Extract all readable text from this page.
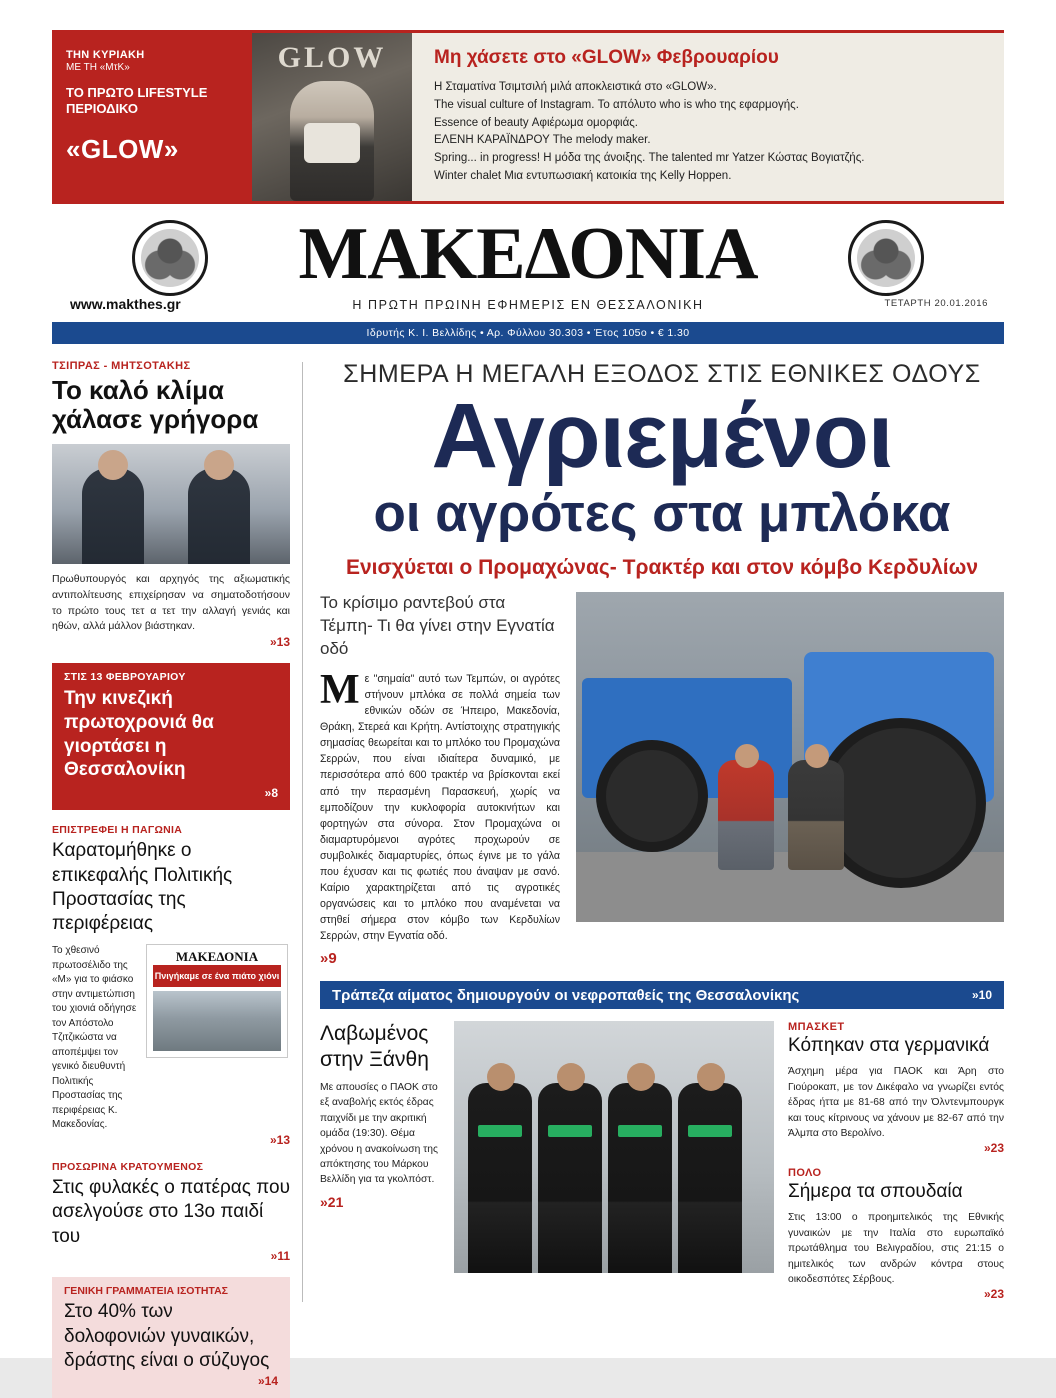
ΤΗΝ ΚΥΡΙΑΚΗ
ΜΕ ΤΗ «ΜτΚ»
ΤΟ ΠΡΩΤΟ LIFESTYLE ΠΕΡΙΟΔΙΚΟ
«GLOW»
GLOW	Μη χάσετε στο «GLOW» Φεβρουαρίου
Η Σταματίνα Τσιμτσιλή μιλά αποκλειστικά στο «GLOW».
The visual culture of Instagram. Το απόλυτο who is who της εφαρμογής.
Essence of beauty Αφιέρωμα ομορφιάς.
ΕΛΕΝΗ ΚΑΡΑΪΝΔΡΟΥ The melody maker.
Spring... in progress! Η μόδα της άνοιξης. The talented mr Yatzer Κώστας Βογιατζής.
Winter chalet Μια εντυπωσιακή κατοικία της Kelly Hoppen.
ΜΑΚΕΔΟΝΙΑ
Η ΠΡΩΤΗ ΠΡΩΙΝΗ ΕΦΗΜΕΡΙΣ ΕΝ ΘΕΣΣΑΛΟΝΙΚΗ
www.makthes.gr	ΤΕΤΑΡΤΗ 20.01.2016
Ιδρυτής Κ. Ι. Βελλίδης • Αρ. Φύλλου 30.303 • Έτος 105ο • € 1.30
ΤΣΙΠΡΑΣ - ΜΗΤΣΟΤΑΚΗΣ
Το καλό κλίμα χάλασε γρήγορα
Πρωθυπουργός και αρχηγός της αξιωματικής αντιπολίτευσης επιχείρησαν να σηματοδοτήσουν το πρώτο τους τετ α τετ την αλλαγή γενιάς και ηθών, αλλά μάλλον βιάστηκαν.
»13
ΣΤΙΣ 13 ΦΕΒΡΟΥΑΡΙΟΥ
Την κινεζική πρωτοχρονιά θα γιορτάσει η Θεσσαλονίκη
»8
ΕΠΙΣΤΡΕΦΕΙ Η ΠΑΓΩΝΙΑ
Καρατομήθηκε ο επικεφαλής Πολιτικής Προστασίας της περιφέρειας
Το χθεσινό πρωτοσέλιδο της «Μ» για το φιάσκο στην αντιμετώπιση του χιονιά οδήγησε τον Απόστολο Τζιτζικώστα να αποπέμψει τον γενικό διευθυντή Πολιτικής Προστασίας της περιφέρειας Κ. Μακεδονίας.
ΜΑΚΕΔΟΝΙΑ
Πνιγήκαμε σε ένα πιάτο χιόνι
»13
ΠΡΟΣΩΡΙΝΑ ΚΡΑΤΟΥΜΕΝΟΣ
Στις φυλακές ο πατέρας που ασελγούσε στο 13ο παιδί του
»11
ΓΕΝΙΚΗ ΓΡΑΜΜΑΤΕΙΑ ΙΣΟΤΗΤΑΣ
Στο 40% των δολοφονιών γυναικών, δράστης είναι ο σύζυγος
»14
ΣΗΜΕΡΑ Η ΜΕΓΑΛΗ ΕΞΟΔΟΣ ΣΤΙΣ ΕΘΝΙΚΕΣ ΟΔΟΥΣ
Αγριεμένοι
οι αγρότες στα μπλόκα
Ενισχύεται ο Προμαχώνας- Τρακτέρ και στον κόμβο Κερδυλίων
Το κρίσιμο ραντεβού στα Τέμπη- Τι θα γίνει στην Εγνατία οδό
Με "σημαία" αυτό των Τεμπών, οι αγρότες στήνουν μπλόκα σε πολλά σημεία των εθνικών οδών σε Ήπειρο, Μακεδονία, Θράκη, Στερεά και Κρήτη. Αντίστοιχης στρατηγικής σημασίας θεωρείται και το μπλόκο του Προμαχώνα Σερρών, που είναι ιδιαίτερα δυναμικό, με περισσότερα από 600 τρακτέρ να βρίσκονται εκεί από την περασμένη Παρασκευή, χωρίς να εμποδίζουν την κυκλοφορία αυτοκινήτων και φορτηγών στα σύνορα. Στον Προμαχώνα οι διαμαρτυρόμενοι αγρότες προχωρούν σε συμβολικές διαμαρτυρίες, όπως έγινε με το γάλα που έχυσαν και τις φωτιές που άναψαν με σανό. Καίριο χαρακτηρίζεται από τις αγροτικές οργανώσεις και το μπλόκο που αναμένεται να στηθεί σήμερα στον κόμβο των Κερδυλίων Σερρών, στην Εγνατία οδό.
»9
Τράπεζα αίματος δημιουργούν οι νεφροπαθείς της Θεσσαλονίκης	»10
Λαβωμένος στην Ξάνθη
Με απουσίες ο ΠΑΟΚ στο εξ αναβολής εκτός έδρας παιχνίδι με την ακριτική ομάδα (19:30). Θέμα χρόνου η ανακοίνωση της απόκτησης του Μάρκου Βελλίδη για τα γκολπόστ.
»21
ΜΠΑΣΚΕΤ
Κόπηκαν στα γερμανικά
Άσχημη μέρα για ΠΑΟΚ και Άρη στο Γιούροκαπ, με τον Δικέφαλο να γνωρίζει εντός έδρας ήττα με 81-68 από την Όλντενμπουργκ και τους κίτρινους να χάνουν με 82-67 από την Άλμπα στο Βερολίνο.
»23
ΠΟΛΟ
Σήμερα τα σπουδαία
Στις 13:00 ο προημιτελικός της Εθνικής γυναικών με την Ιταλία στο ευρωπαϊκό πρωτάθλημα του Βελιγραδίου, στις 21:15 ο ημιτελικός των ανδρών κόντρα στους οικοδεσπότες Σέρβους.
»23
